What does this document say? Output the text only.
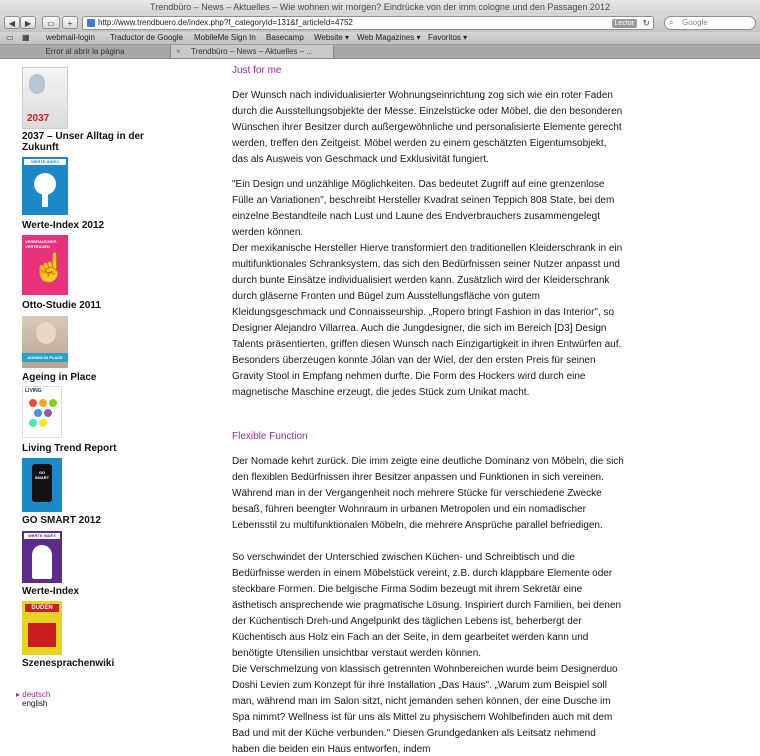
Trendbüro – News – Aktuelles – Wie wohnen wir morgen? Eindrücke von der imm cologne und den Passagen 2012
◀	▶	▭	+	http://www.trendbuero.de/index.php?f_categoryId=131&f_articleId=4752	Lector ↻ ⌕ Google
▭ ▦ webmail-login Traductor de Google MobileMe Sign In Basecamp Website ▾ Web Magazines ▾ Favoritos ▾
Error al abrir la página	× Trendbüro – News – Aktuelles – ...
2037
2037 – Unser Alltag in der Zukunft
WERTE-INDEX
Werte-Index 2012
VERBRAUCHER-VERTRAUEN
☝
Otto-Studie 2011
AGEING IN PLACE
Ageing in Place
LIVING
Living Trend Report
GO SMART
GO SMART 2012
WERTE INDEX
Werte-Index
DUDEN
Szenesprachenwiki
▸ deutsch
english
Just for me

Der Wunsch nach individualisierter Wohnungseinrichtung zog sich wie ein roter Faden durch die Ausstellungsobjekte der Messe. Einzelstücke oder Möbel, die den besonderen Wünschen ihrer Besitzer durch außergewöhnliche und personalisierte Elemente gerecht werden, treffen den Zeitgeist. Möbel werden zu einem geschätzten Eigentumsobjekt, das als Ausweis von Geschmack und Exklusivität fungiert.

"Ein Design und unzählige Möglichkeiten. Das bedeutet Zugriff auf eine grenzenlose Fülle an Variationen", beschreibt Hersteller Kvadrat seinen Teppich 808 State, bei dem einzelne Bestandteile nach Lust und Laune des Endverbrauchers zusammengelegt werden können.

Der mexikanische Hersteller Hierve transformiert den traditionellen Kleiderschrank in ein multifunktionales Schranksystem, das sich den Bedürfnissen seiner Nutzer anpasst und durch bunte Einsätze individualisiert werden kann. Zusätzlich wird der Kleiderschrank durch gläserne Fronten und Bügel zum Ausstellungsfläche von gutem Kleidungsgeschmack und Connaisseurship. „Ropero bringt Fashion in das Interior", so Designer Alejandro Villarrea. Auch die Jungdesigner, die sich im Bereich [D3] Design Talents präsentierten, griffen diesen Wunsch nach Einzigartigkeit in ihren Entwürfen auf. Besonders überzeugen konnte Jólan van der Wiel, der den ersten Preis für seinen Gravity Stool in Empfang nehmen durfte. Die Form des Hockers wird durch eine magnetische Maschine erzeugt, die jedes Stück zum Unikat macht.

Flexible Function

Der Nomade kehrt zurück. Die imm zeigte eine deutliche Dominanz von Möbeln, die sich den flexiblen Bedürfnissen ihrer Besitzer anpassen und Funktionen in sich vereinen. Während man in der Vergangenheit noch mehrere Stücke für verschiedene Zwecke besaß, führen beengter Wohnraum in urbanen Metropolen und ein nomadischer Lebensstil zu multifunktionalen Möbeln, die mehrere Ansprüche parallel befriedigen.

So verschwindet der Unterschied zwischen Küchen- und Schreibtisch und die Bedürfnisse werden in einem Möbelstück vereint, z.B. durch klappbare Elemente oder steckbare Formen. Die belgische Firma Sodim bezeugt mit ihrem Sekretär eine ästhetisch ansprechende wie pragmatische Lösung. Inspiriert durch Familien, bei denen der Küchentisch Dreh-und Angelpunkt des täglichen Lebens ist, beherbergt der Küchentisch aus Holz ein Fach an der Seite, in dem gearbeitet werden kann und benötigte Utensilien unsichtbar verstaut werden können.

Die Verschmelzung von klassisch getrennten Wohnbereichen wurde beim Designerduo Doshi Levien zum Konzept für ihre Installation „Das Haus". „Warum zum Beispiel soll man, während man im Salon sitzt, nicht jemanden sehen können, der eine Dusche im Spa nimmt? Wellness ist für uns als Mittel zu physischem Wohlbefinden auch mit dem Bad und mit der Küche verbunden." Diesen Grundgedanken als Leitsatz nehmend haben die beiden ein Haus entworfen, indem
